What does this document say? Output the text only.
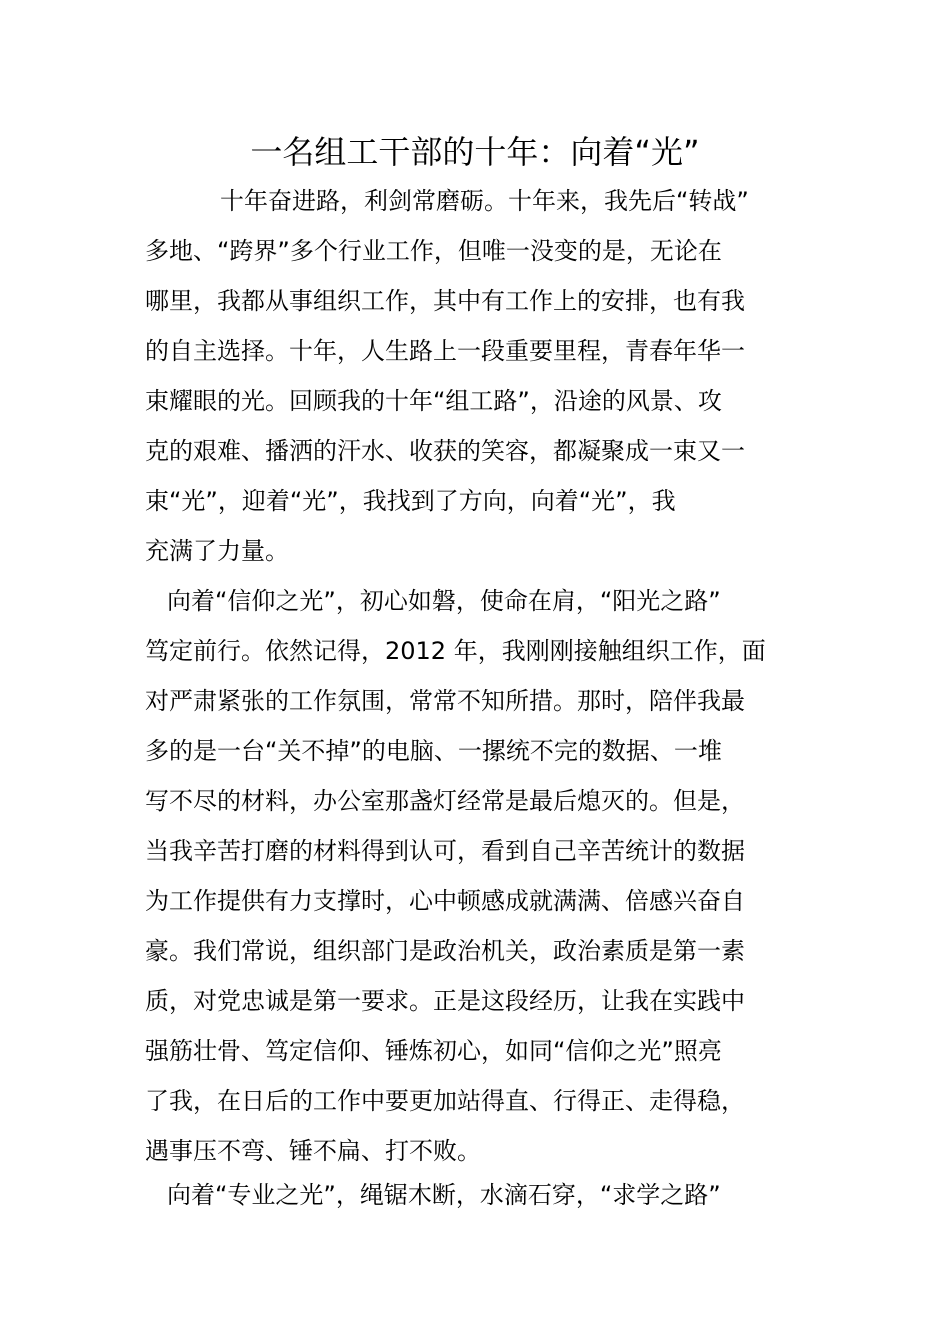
一名组工干部的十年：向着“光”
十年奋进路，利剑常磨砺。十年来，我先后“转战”
多地、“跨界”多个行业工作，但唯一没变的是，无论在
哪里，我都从事组织工作，其中有工作上的安排，也有我
的自主选择。十年，人生路上一段重要里程，青春年华一
束耀眼的光。回顾我的十年“组工路”，沿途的风景、攻
克的艰难、播洒的汗水、收获的笑容，都凝聚成一束又一
束“光”，迎着“光”，我找到了方向，向着“光”，我
充满了力量。
向着“信仰之光”，初心如磐，使命在肩，“阳光之路”
笃定前行。依然记得，2012 年，我刚刚接触组织工作，面
对严肃紧张的工作氛围，常常不知所措。那时，陪伴我最
多的是一台“关不掉”的电脑、一摞统不完的数据、一堆
写不尽的材料，办公室那盏灯经常是最后熄灭的。但是，
当我辛苦打磨的材料得到认可，看到自己辛苦统计的数据
为工作提供有力支撑时，心中顿感成就满满、倍感兴奋自
豪。我们常说，组织部门是政治机关，政治素质是第一素
质，对党忠诚是第一要求。正是这段经历，让我在实践中
强筋壮骨、笃定信仰、锤炼初心，如同“信仰之光”照亮
了我，在日后的工作中要更加站得直、行得正、走得稳，
遇事压不弯、锤不扁、打不败。
向着“专业之光”，绳锯木断，水滴石穿，“求学之路”
